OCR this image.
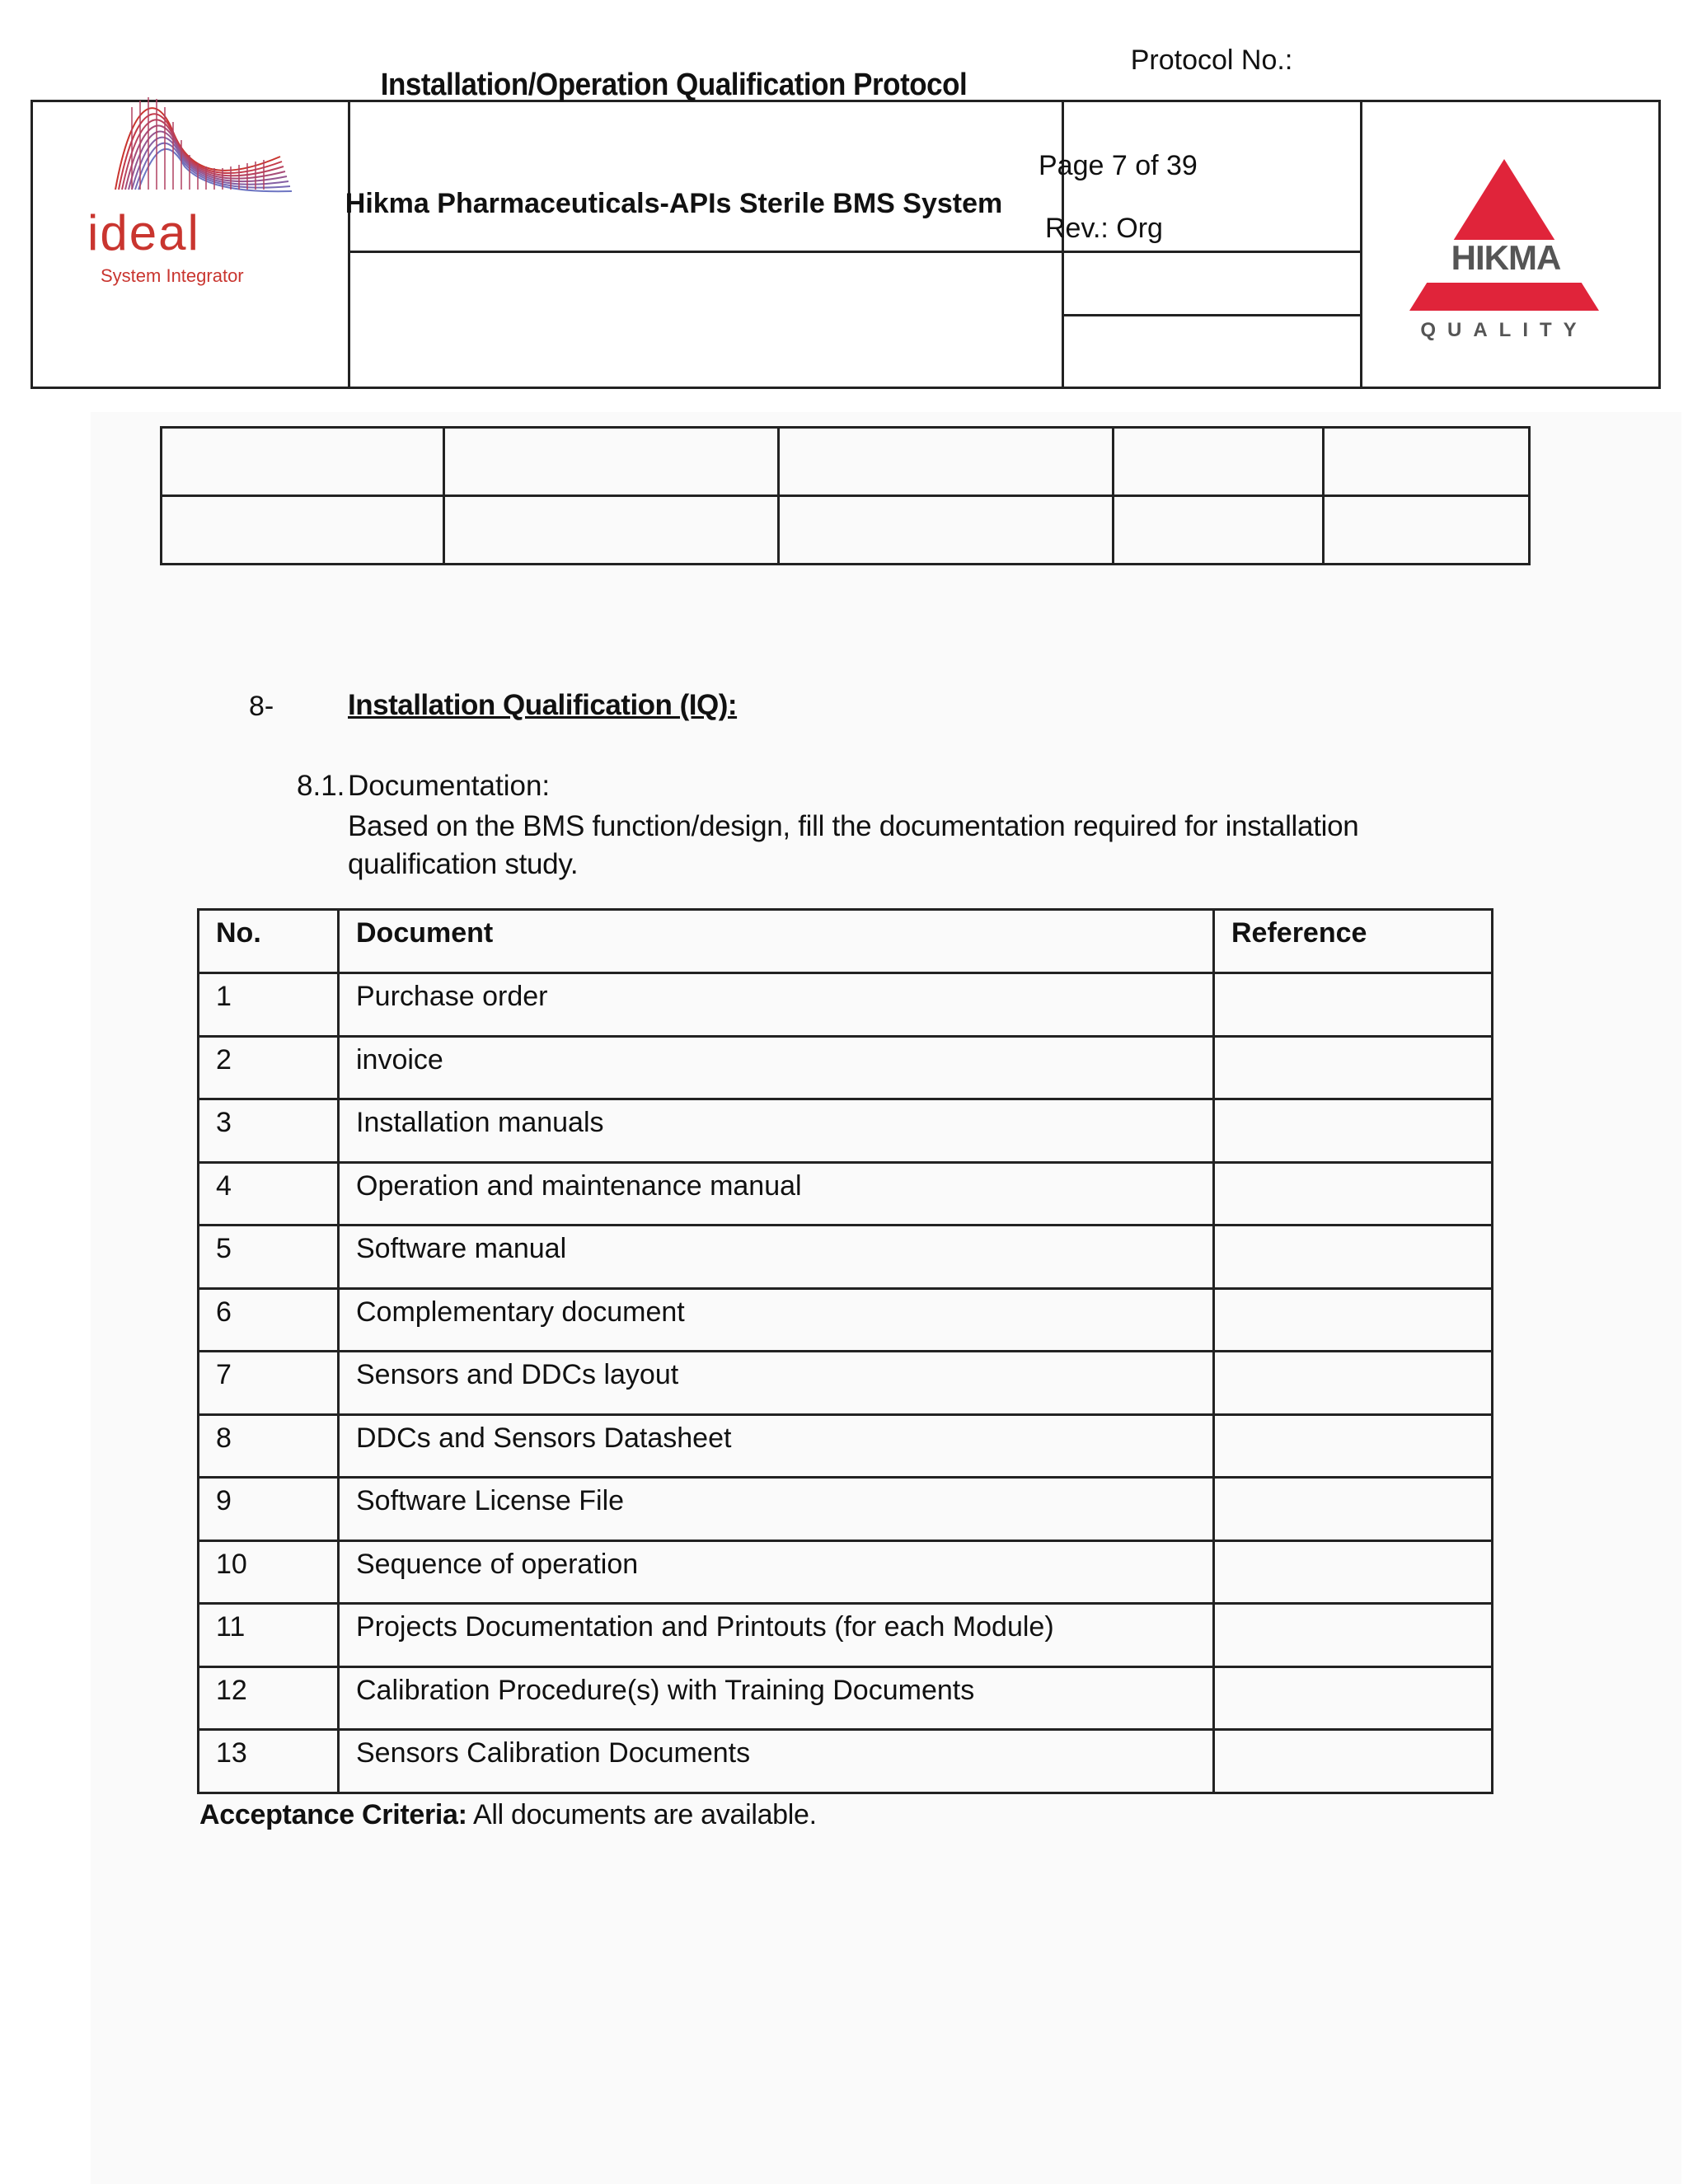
ideal
System Integrator
Installation/Operation Qualification Protocol
Hikma Pharmaceuticals-APIs Sterile BMS System
Protocol No.:
Page 7 of 39
Rev.: Org
HIKMA
QUALITY

8-	Installation Qualification (IQ):
8.1. Documentation:
Based on the BMS function/design, fill the documentation required for installation qualification study.
No.	Document	Reference
1	Purchase order	
2	invoice	
3	Installation manuals	
4	Operation and maintenance manual	
5	Software manual	
6	Complementary document	
7	Sensors and DDCs layout	
8	DDCs and Sensors Datasheet	
9	Software License File	
10	Sequence of operation	
11	Projects Documentation and Printouts (for each Module)	
12	Calibration Procedure(s) with Training Documents	
13	Sensors Calibration Documents	
Acceptance Criteria: All documents are available.
